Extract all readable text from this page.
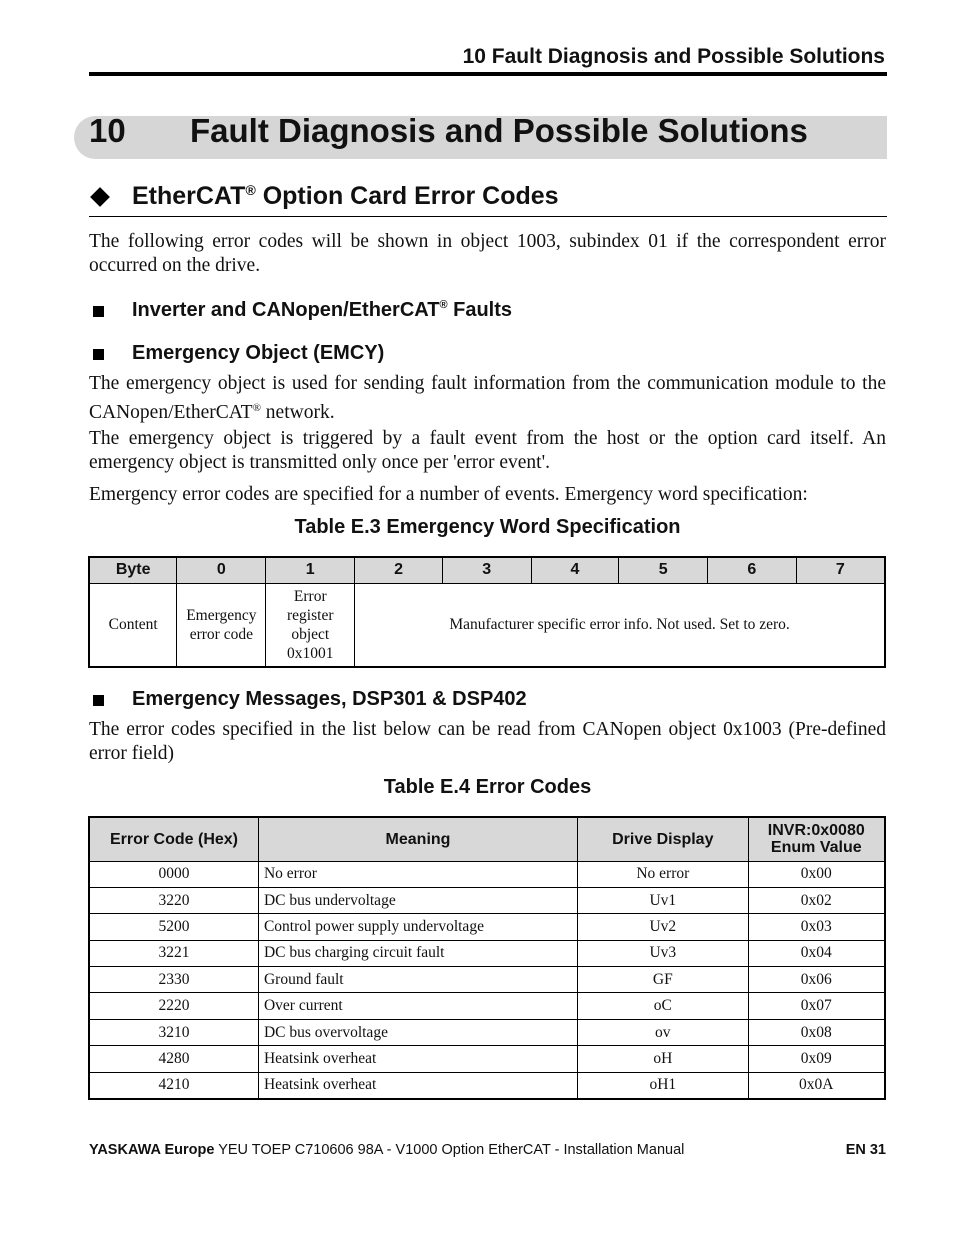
10 Fault Diagnosis and Possible Solutions
10 Fault Diagnosis and Possible Solutions
EtherCAT® Option Card Error Codes
The following error codes will be shown in object 1003, subindex 01 if the correspondent error occurred on the drive.
Inverter and CANopen/EtherCAT® Faults
Emergency Object (EMCY)
The emergency object is used for sending fault information from the communication module to the CANopen/EtherCAT® network.
The emergency object is triggered by a fault event from the host or the option card itself. An emergency object is transmitted only once per 'error event'.
Emergency error codes are specified for a number of events. Emergency word specification:
Table E.3 Emergency Word Specification
Byte	0	1	2	3	4	5	6	7
Content	Emergency error code	Error register object 0x1001	Manufacturer specific error info. Not used. Set to zero.					
Emergency Messages, DSP301 & DSP402
The error codes specified in the list below can be read from CANopen object 0x1003 (Pre-defined error field)
Table E.4 Error Codes
Error Code (Hex)	Meaning	Drive Display	INVR:0x0080 Enum Value
0000	No error	No error	0x00
3220	DC bus undervoltage	Uv1	0x02
5200	Control power supply undervoltage	Uv2	0x03
3221	DC bus charging circuit fault	Uv3	0x04
2330	Ground fault	GF	0x06
2220	Over current	oC	0x07
3210	DC bus overvoltage	ov	0x08
4280	Heatsink overheat	oH	0x09
4210	Heatsink overheat	oH1	0x0A
YASKAWA Europe YEU TOEP C710606 98A - V1000 Option EtherCAT - Installation Manual	EN 31
